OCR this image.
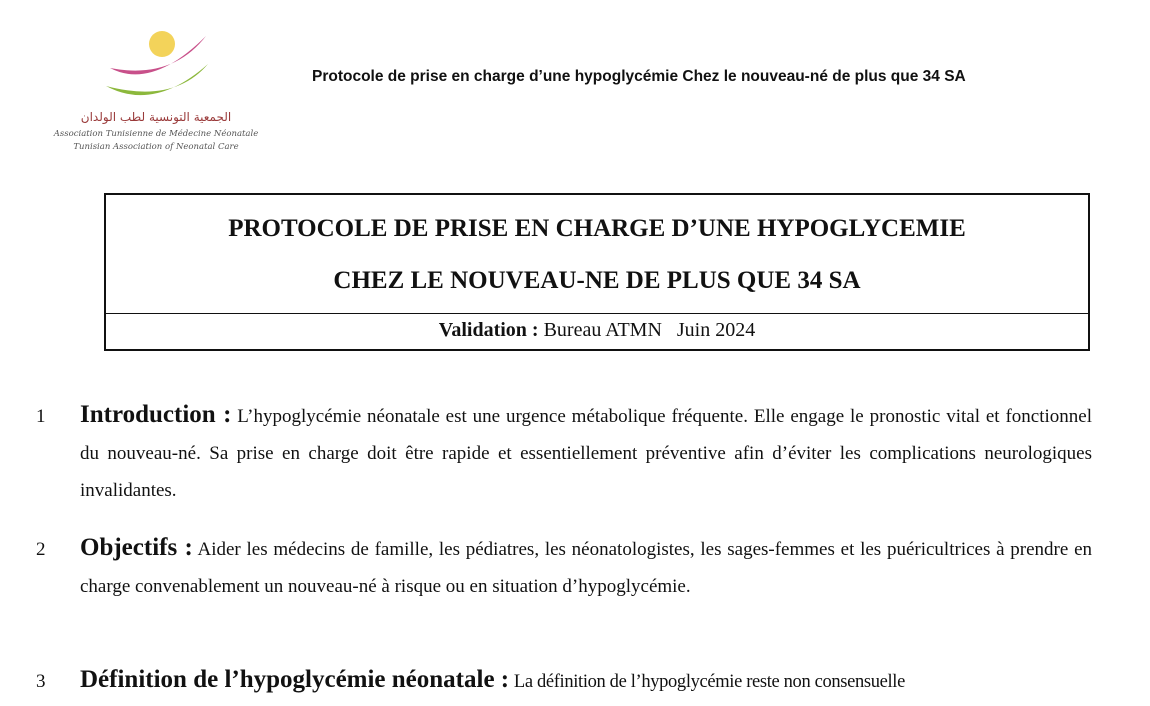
الجمعية التونسية لطب الولدان
Association Tunisienne de Médecine Néonatale
Tunisian Association of Neonatal Care
Protocole de prise en charge d’une hypoglycémie Chez le nouveau-né de plus que 34 SA
PROTOCOLE DE PRISE EN CHARGE D’UNE HYPOGLYCEMIE
CHEZ LE NOUVEAU-NE DE PLUS QUE 34 SA
Validation : Bureau ATMN   Juin 2024
1 Introduction : L’hypoglycémie néonatale est une urgence métabolique fréquente. Elle engage le pronostic vital et fonctionnel du nouveau-né. Sa prise en charge doit être rapide et essentiellement préventive afin d’éviter les complications neurologiques invalidantes.
2 Objectifs : Aider les médecins de famille, les pédiatres, les néonatologistes, les sages-femmes et les puéricultrices à prendre en charge convenablement un nouveau-né à risque ou en situation d’hypoglycémie.
3 Définition de l’hypoglycémie néonatale : La définition de l’hypoglycémie reste non consensuelle
